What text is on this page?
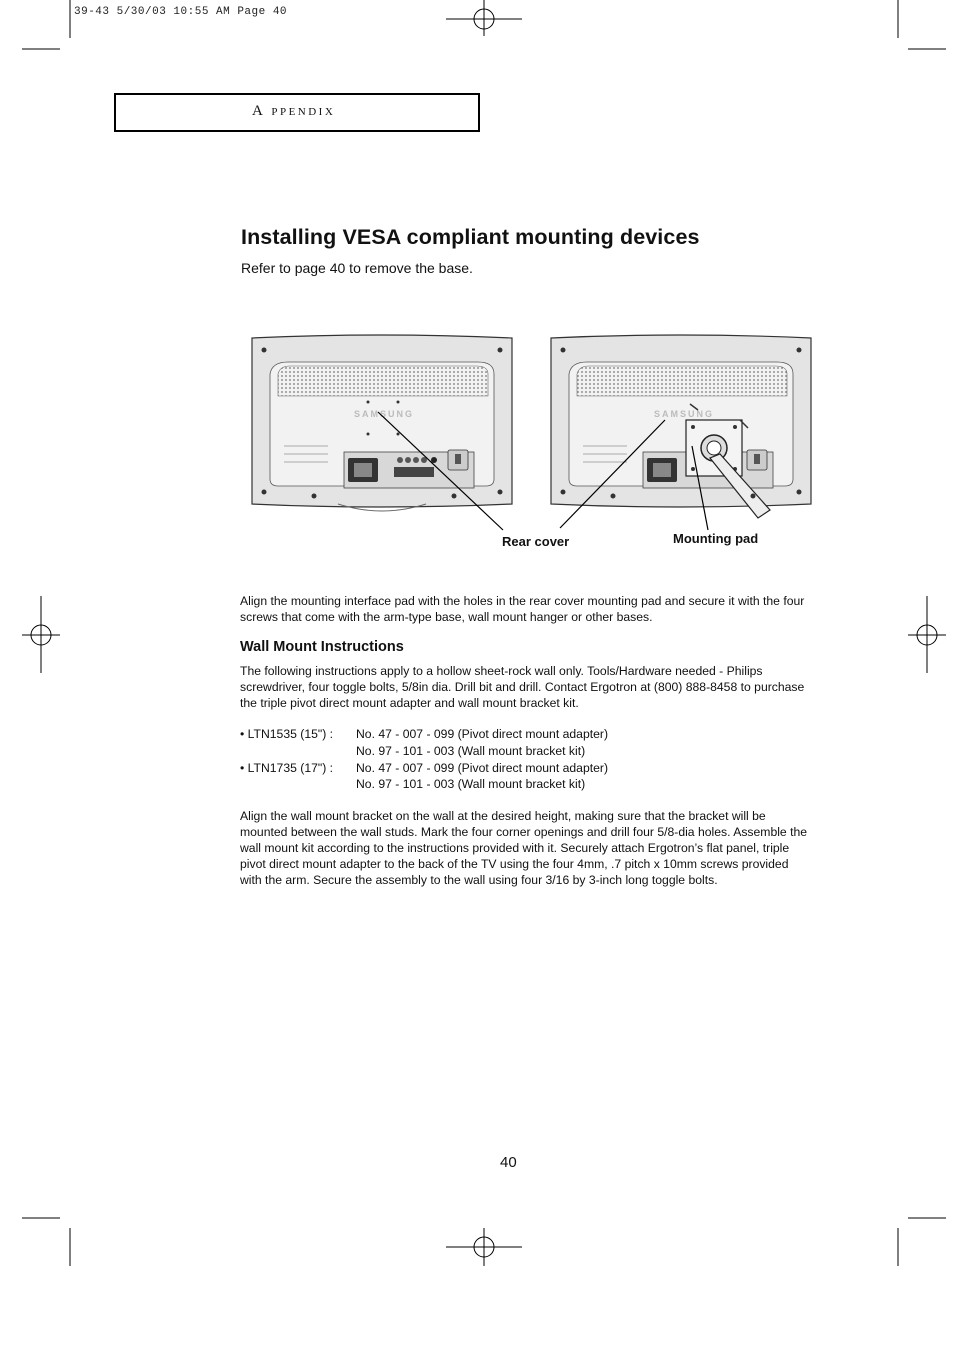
39-43 5/30/03 10:55 AM Page 40
A PPENDIX
Installing VESA compliant mounting devices
Refer to page 40 to remove the base.
SAMSUNG	SAMSUNG
Rear cover	Mounting pad
Align the mounting interface pad with the holes in the rear cover mounting pad and secure it with the four screws that come with the arm-type base, wall mount hanger or other bases.
Wall Mount Instructions
The following instructions apply to a hollow sheet-rock wall only. Tools/Hardware needed - Philips screwdriver, four toggle bolts, 5/8in dia. Drill bit and drill. Contact Ergotron at (800) 888-8458 to purchase the triple pivot direct mount adapter and wall mount bracket kit.
• LTN1535 (15") : No. 47 - 007 - 099 (Pivot direct mount adapter)
No. 97 - 101 - 003 (Wall mount bracket kit)
• LTN1735 (17") : No. 47 - 007 - 099 (Pivot direct mount adapter)
No. 97 - 101 - 003 (Wall mount bracket kit)
Align the wall mount bracket on the wall at the desired height, making sure that the bracket will be mounted between the wall studs. Mark the four corner openings and drill four 5/8-dia holes. Assemble the wall mount kit according to the instructions provided with it. Securely attach Ergotron’s flat panel, triple pivot direct mount adapter to the back of the TV using the four 4mm, .7 pitch x 10mm screws provided with the arm. Secure the assembly to the wall using four 3/16 by 3-inch long toggle bolts.
40
